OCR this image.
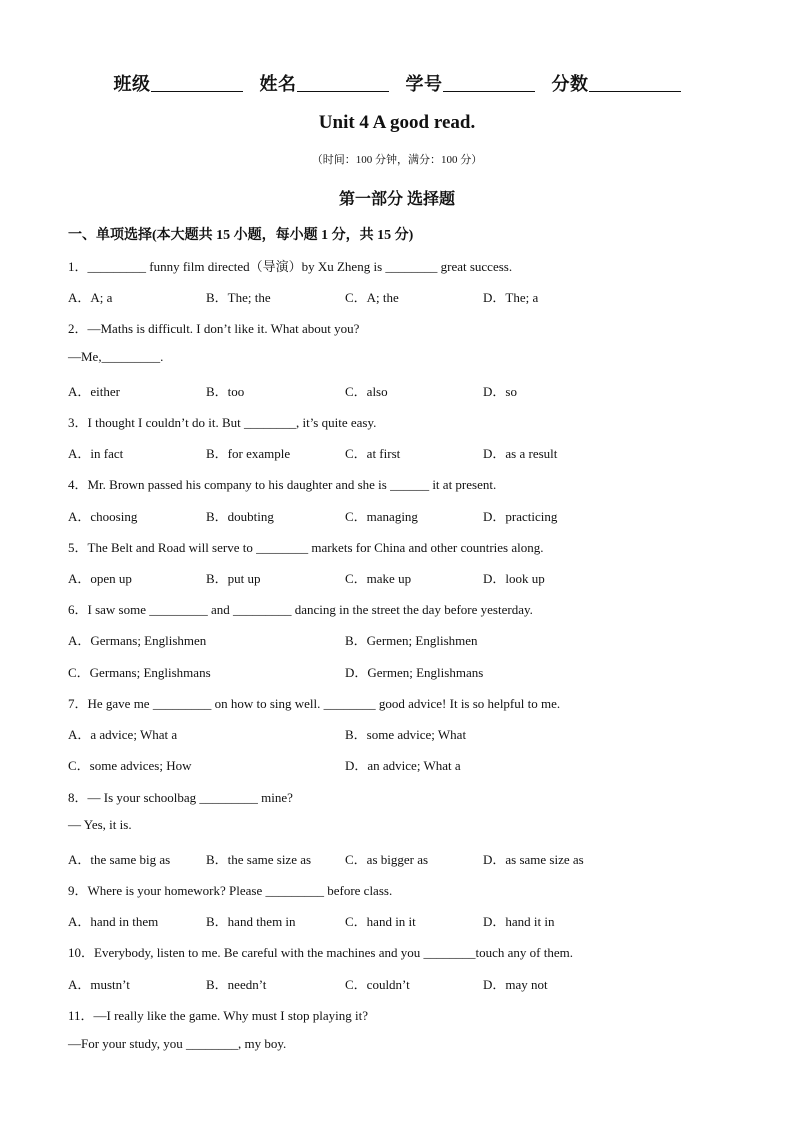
班级	姓名	学号	分数
Unit 4 A good read.
（时间：100 分钟，满分：100 分）
第一部分 选择题
一、单项选择(本大题共 15 小题，每小题 1 分，共 15 分)
1．_________ funny film directed（导演）by Xu Zheng is ________ great success.
A．A; a	B．The; the	C．A; the	D．The; a
2．—Maths is difficult. I don’t like it. What about you?
—Me,_________.
A．either	B．too	C．also	D．so
3．I thought I couldn’t do it. But ________, it’s quite easy.
A．in fact	B．for example	C．at first	D．as a result
4．Mr. Brown passed his company to his daughter and she is ______ it at present.
A．choosing	B．doubting	C．managing	D．practicing
5．The Belt and Road will serve to ________ markets for China and other countries along.
A．open up	B．put up	C．make up	D．look up
6．I saw some _________ and _________ dancing in the street the day before yesterday.
A．Germans; Englishmen	B．Germen; Englishmen
C．Germans; Englishmans	D．Germen; Englishmans
7．He gave me _________ on how to sing well. ________ good advice! It is so helpful to me.
A．a advice; What a	B．some advice; What
C．some advices; How	D．an advice; What a
8．— Is your schoolbag _________ mine?
— Yes, it is.
A．the same big as	B．the same size as	C．as bigger as	D．as same size as
9．Where is your homework? Please _________ before class.
A．hand in them	B．hand them in	C．hand in it	D．hand it in
10．Everybody, listen to me. Be careful with the machines and you ________touch any of them.
A．mustn’t	B．needn’t	C．couldn’t	D．may not
11．—I really like the game. Why must I stop playing it?
—For your study, you ________, my boy.
